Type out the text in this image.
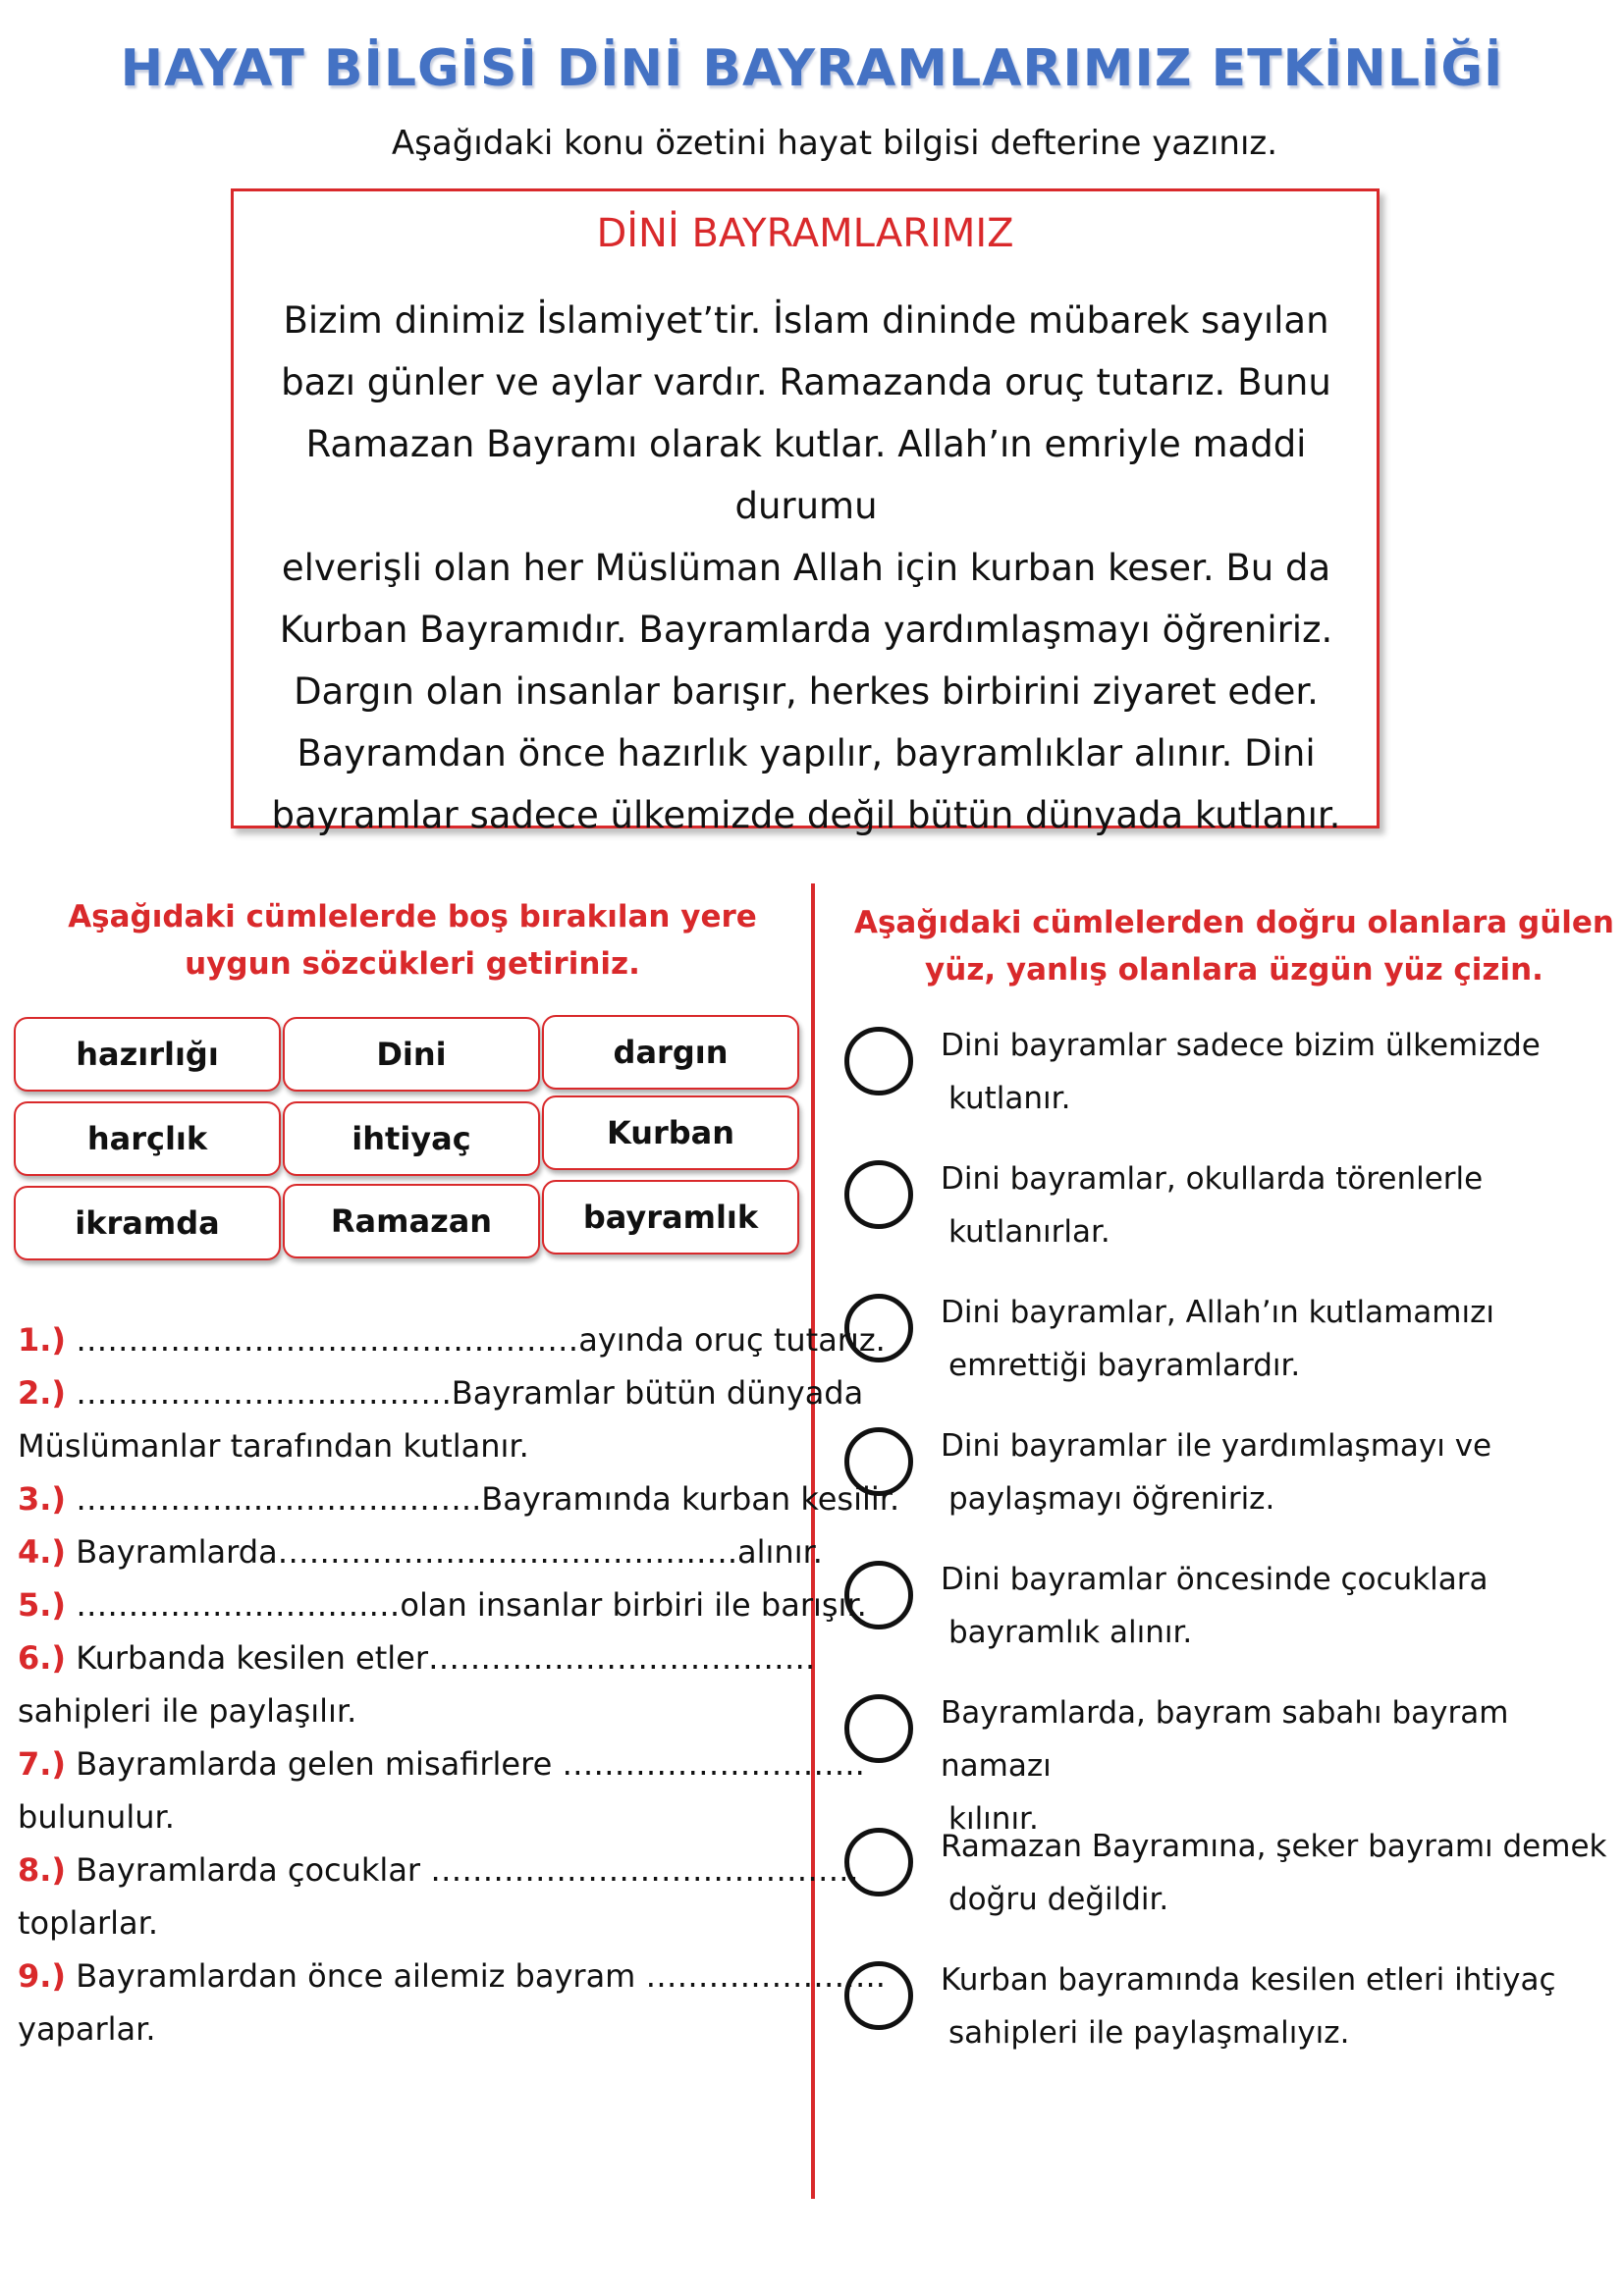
HAYAT BİLGİSİ DİNİ BAYRAMLARIMIZ ETKİNLİĞİ
Aşağıdaki konu özetini hayat bilgisi defterine yazınız.
DİNİ BAYRAMLARIMIZ
Bizim dinimiz İslamiyet’tir. İslam dininde mübarek sayılan
bazı günler ve aylar vardır. Ramazanda oruç tutarız. Bunu
Ramazan Bayramı olarak kutlar. Allah’ın emriyle maddi durumu
elverişli olan her Müslüman Allah için kurban keser. Bu da
Kurban Bayramıdır. Bayramlarda yardımlaşmayı öğreniriz.
Dargın olan insanlar barışır, herkes birbirini ziyaret eder.
Bayramdan önce hazırlık yapılır, bayramlıklar alınır. Dini
bayramlar sadece ülkemizde değil bütün dünyada kutlanır.
Aşağıdaki cümlelerde boş bırakılan yere
uygun sözcükleri getiriniz.
hazırlığı	Dini	dargın
harçlık	ihtiyaç	Kurban
ikramda	Ramazan	bayramlık
1.) …………………………………………ayında oruç tutarız.
2.) ……………………..……….Bayramlar bütün dünyada
Müslümanlar tarafından kutlanır.
3.) ……………..…………..……..Bayramında kurban kesilir.
4.) Bayramlarda………………………………….….alınır.
5.) ……………………….…olan insanlar birbiri ile barışır.
6.) Kurbanda kesilen etler……………………………….
sahipleri ile paylaşılır.
7.) Bayramlarda gelen misafirlere ………………………..
bulunulur.
8.) Bayramlarda çocuklar …………………………………..
toplarlar.
9.) Bayramlardan önce ailemiz bayram …………………..
yaparlar.
Aşağıdaki cümlelerden doğru olanlara gülen
yüz, yanlış olanlara üzgün yüz çizin.
Dini bayramlar sadece bizim ülkemizde
kutlanır.
Dini bayramlar, okullarda törenlerle
kutlanırlar.
Dini bayramlar, Allah’ın kutlamamızı
emrettiği bayramlardır.
Dini bayramlar ile yardımlaşmayı ve
paylaşmayı öğreniriz.
Dini bayramlar öncesinde çocuklara
bayramlık alınır.
Bayramlarda, bayram sabahı bayram namazı
kılınır.
Ramazan Bayramına, şeker bayramı demek
doğru değildir.
Kurban bayramında kesilen etleri ihtiyaç
sahipleri ile paylaşmalıyız.
